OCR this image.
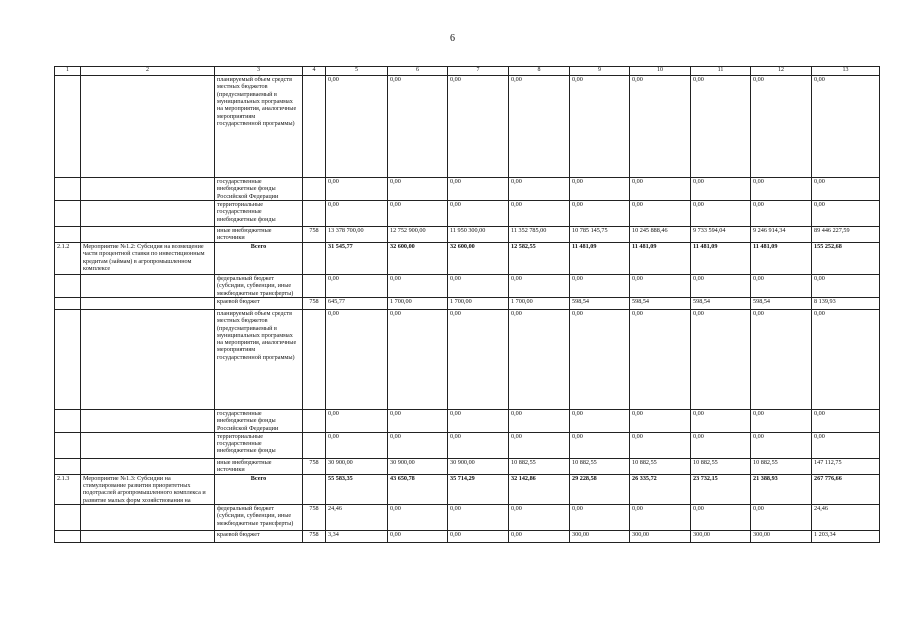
6
1	2	3	4	5	6	7	8	9	10	11	12	13
		планируемый объем средств местных бюджетов (предусматриваемый в муниципальных программах на мероприятия, аналогичные мероприятиям государственной программы)		0,00	0,00	0,00	0,00	0,00	0,00	0,00	0,00	0,00
		государственные внебюджетные фонды Российской Федерации		0,00	0,00	0,00	0,00	0,00	0,00	0,00	0,00	0,00
		территориальные государственные внебюджетные фонды		0,00	0,00	0,00	0,00	0,00	0,00	0,00	0,00	0,00
		иные внебюджетные источники	758	13 378 700,00	12 752 900,00	11 950 300,00	11 352 785,00	10 785 145,75	10 245 888,46	9 733 594,04	9 246 914,34	89 446 227,59
2.1.2	Мероприятие №1.2: Субсидия на возмещение части процентной ставки по инвестиционным кредитам (займам) в агропромышленном комплексе	Всего		31 545,77	32 600,00	32 600,00	12 582,55	11 481,09	11 481,09	11 481,09	11 481,09	155 252,68
		федеральный бюджет (субсидии, субвенции, иные межбюджетные трансферты)		0,00	0,00	0,00	0,00	0,00	0,00	0,00	0,00	0,00
		краевой бюджет	758	645,77	1 700,00	1 700,00	1 700,00	598,54	598,54	598,54	598,54	8 139,93
		планируемый объем средств местных бюджетов (предусматриваемый в муниципальных программах на мероприятия, аналогичные мероприятиям государственной программы)		0,00	0,00	0,00	0,00	0,00	0,00	0,00	0,00	0,00
		государственные внебюджетные фонды Российской Федерации		0,00	0,00	0,00	0,00	0,00	0,00	0,00	0,00	0,00
		территориальные государственные внебюджетные фонды		0,00	0,00	0,00	0,00	0,00	0,00	0,00	0,00	0,00
		иные внебюджетные источники	758	30 900,00	30 900,00	30 900,00	10 882,55	10 882,55	10 882,55	10 882,55	10 882,55	147 112,75
2.1.3	Мероприятие №1.3: Субсидии на стимулирование развития приоритетных подотраслей агропромышленного комплекса и развитие малых форм хозяйствования на	Всего		55 583,35	43 650,78	35 714,29	32 142,86	29 228,58	26 335,72	23 732,15	21 388,93	267 776,66
		федеральный бюджет (субсидии, субвенции, иные межбюджетные трансферты)	758	24,46	0,00	0,00	0,00	0,00	0,00	0,00	0,00	24,46
		краевой бюджет	758	3,34	0,00	0,00	0,00	300,00	300,00	300,00	300,00	1 203,34
